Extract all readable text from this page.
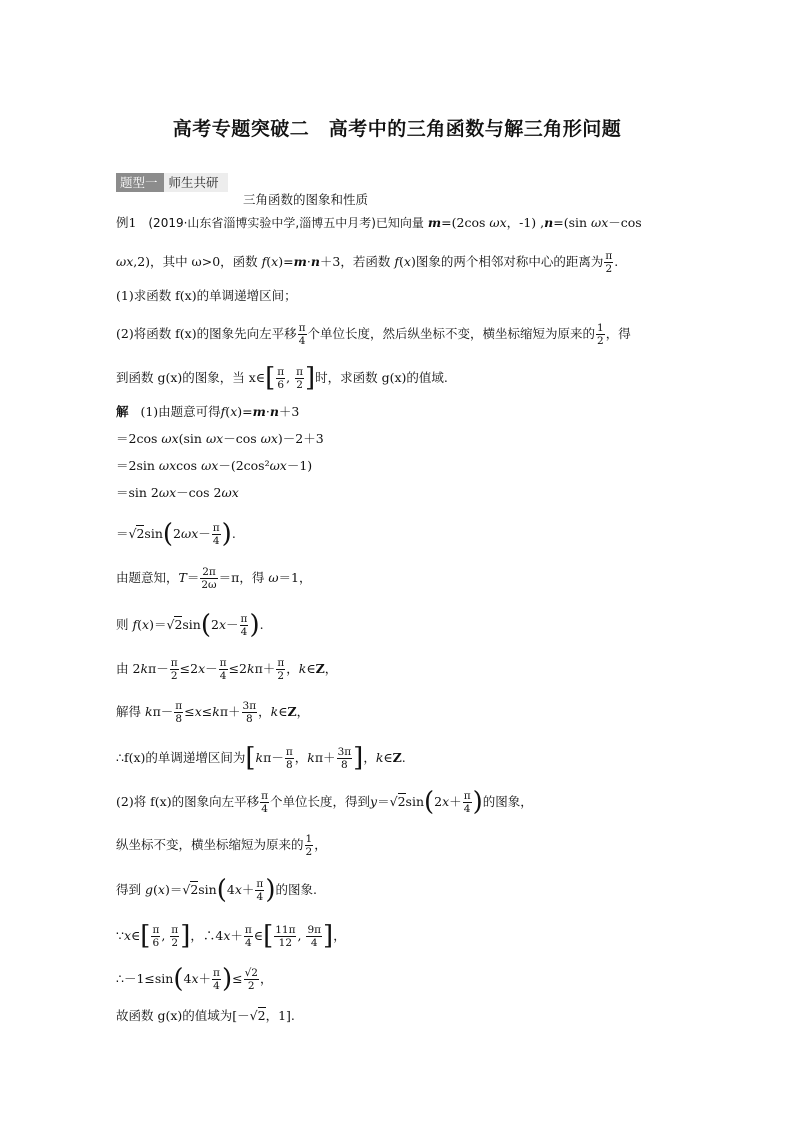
高考专题突破二　高考中的三角函数与解三角形问题
题型一 师生共研
三角函数的图象和性质
例1 (2019·山东省淄博实验中学,淄博五中月考)已知向量 m=(2cos ωx，-1) ,n=(sin ωx－cos
ωx,2)，其中 ω>0，函数 f(x)=m·n＋3，若函数 f(x)图象的两个相邻对称中心的距离为 $\frac{\pi}{2}$ .
(1)求函数 f(x)的单调递增区间；
(2)将函数 f(x)的图象先向左平移 $\frac{\pi}{4}$ 个单位长度，然后纵坐标不变，横坐标缩短为原来的 $\frac{1}{2}$ ，得
到函数 g(x)的图象，当 x∈[ $\frac{\pi}{6}$ , $\frac{\pi}{2}$ ]时，求函数 g(x)的值域.
解 (1)由题意可得f(x)=m·n＋3
＝2cos ωx(sin ωx－cos ωx)－2＋3
＝2sin ωxcos ωx－(2cos²ωx－1)
＝sin 2ωx－cos 2ωx
$=√2\sin(2\omega x- \frac{\pi}{4}$ ).
由题意知，$T= \frac{2\pi}{2\omega} =\pi$，得 ω＝1，
则 $f(x)=√2\sin(2x- \frac{\pi}{4}$ ).
由 $2k\pi- \frac{\pi}{2} \le 2x- \frac{\pi}{4} \le 2k\pi+ \frac{\pi}{2}$ ，k∈Z，
解得 $k\pi- \frac{\pi}{8} \le x\le k\pi+ \frac{3\pi}{8}$ ，k∈Z，
∴f(x)的单调递增区间为[$k\pi- \frac{\pi}{8}$ ，$k\pi+ \frac{3\pi}{8}$ ]，k∈Z.
(2)将 f(x)的图象向左平移 $\frac{\pi}{4}$ 个单位长度，得到$y=√2\sin(2x+ \frac{\pi}{4}$ )的图象，
纵坐标不变，横坐标缩短为原来的 $\frac{1}{2}$ ，
得到 $g(x)=√2\sin(4x+ \frac{\pi}{4}$ )的图象.
∵x∈[ $\frac{\pi}{6}$ , $\frac{\pi}{2}$ ]，∴4x＋ $\frac{\pi}{4}$ ∈[ $\frac{11\pi}{12}$ , $\frac{9\pi}{4}$ ]，
∴－1≤sin(4x＋ $\frac{\pi}{4}$ )≤ $\frac{√2}{2}$ ，
故函数 g(x)的值域为[－√2，1].
